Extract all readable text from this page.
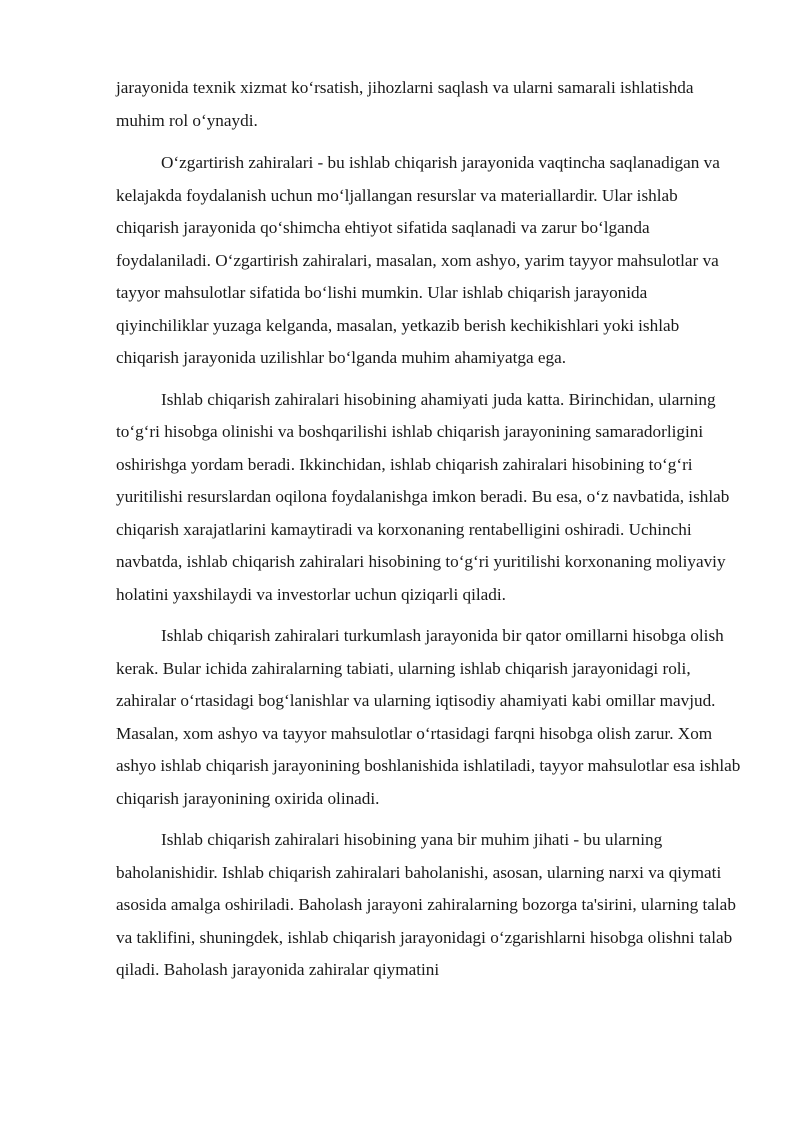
jarayonida texnik xizmat koʻrsatish, jihozlarni saqlash va ularni samarali ishlatishda muhim rol oʻynaydi.

Oʻzgartirish zahiralari - bu ishlab chiqarish jarayonida vaqtincha saqlanadigan va kelajakda foydalanish uchun moʻljallangan resurslar va materiallardir. Ular ishlab chiqarish jarayonida qoʻshimcha ehtiyot sifatida saqlanadi va zarur boʻlganda foydalaniladi. Oʻzgartirish zahiralari, masalan, xom ashyo, yarim tayyor mahsulotlar va tayyor mahsulotlar sifatida boʻlishi mumkin. Ular ishlab chiqarish jarayonida qiyinchiliklar yuzaga kelganda, masalan, yetkazib berish kechikishlari yoki ishlab chiqarish jarayonida uzilishlar boʻlganda muhim ahamiyatga ega.

Ishlab chiqarish zahiralari hisobining ahamiyati juda katta. Birinchidan, ularning toʻgʻri hisobga olinishi va boshqarilishi ishlab chiqarish jarayonining samaradorligini oshirishga yordam beradi. Ikkinchidan, ishlab chiqarish zahiralari hisobining toʻgʻri yuritilishi resurslardan oqilona foydalanishga imkon beradi. Bu esa, oʻz navbatida, ishlab chiqarish xarajatlarini kamaytiradi va korxonaning rentabelligini oshiradi. Uchinchi navbatda, ishlab chiqarish zahiralari hisobining toʻgʻri yuritilishi korxonaning moliyaviy holatini yaxshilaydi va investorlar uchun qiziqarli qiladi.

Ishlab chiqarish zahiralari turkumlash jarayonida bir qator omillarni hisobga olish kerak. Bular ichida zahiralarning tabiati, ularning ishlab chiqarish jarayonidagi roli, zahiralar oʻrtasidagi bogʻlanishlar va ularning iqtisodiy ahamiyati kabi omillar mavjud. Masalan, xom ashyo va tayyor mahsulotlar oʻrtasidagi farqni hisobga olish zarur. Xom ashyo ishlab chiqarish jarayonining boshlanishida ishlatiladi, tayyor mahsulotlar esa ishlab chiqarish jarayonining oxirida olinadi.

Ishlab chiqarish zahiralari hisobining yana bir muhim jihati - bu ularning baholanishidir. Ishlab chiqarish zahiralari baholanishi, asosan, ularning narxi va qiymati asosida amalga oshiriladi. Baholash jarayoni zahiralarning bozorga ta'sirini, ularning talab va taklifini, shuningdek, ishlab chiqarish jarayonidagi oʻzgarishlarni hisobga olishni talab qiladi. Baholash jarayonida zahiralar qiymatini
